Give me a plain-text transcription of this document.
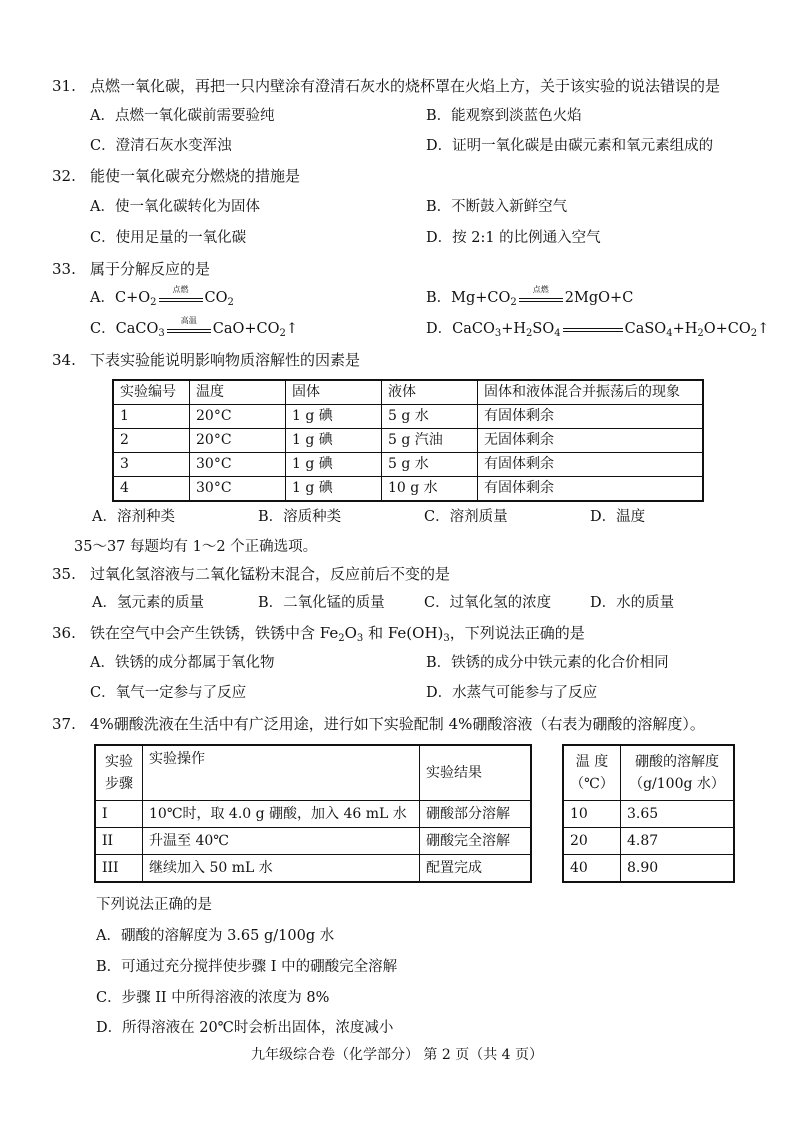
31. 点燃一氧化碳，再把一只内壁涂有澄清石灰水的烧杯罩在火焰上方，关于该实验的说法错误的是
A．点燃一氧化碳前需要验纯	B．能观察到淡蓝色火焰
C．澄清石灰水变浑浊	D．证明一氧化碳是由碳元素和氧元素组成的
32. 能使一氧化碳充分燃烧的措施是
A．使一氧化碳转化为固体	B．不断鼓入新鲜空气
C．使用足量的一氧化碳	D．按 2:1 的比例通入空气
33. 属于分解反应的是
A．$C+O_2$
点燃
$CO_2$	B．$Mg+CO_2$
点燃
2MgO+C
C．CaCO$_3$
高温
$CaO+CO_2↑$	D．$CaCO_3+H_2SO_4$	$CaSO_4+H_2O+CO_2↑$
34. 下表实验能说明影响物质溶解性的因素是
实验编号	温度	固体	液体	固体和液体混合并振荡后的现象
1	20°C	1 g 碘	5 g 水	有固体剩余
2	20°C	1 g 碘	5 g 汽油	无固体剩余
3	30°C	1 g 碘	5 g 水	有固体剩余
4	30°C	1 g 碘	10 g 水	有固体剩余
A．溶剂种类	B．溶质种类	C．溶剂质量	D．温度
35～37 每题均有 1～2 个正确选项。
35. 过氧化氢溶液与二氧化锰粉末混合，反应前后不变的是
A．氢元素的质量	B．二氧化锰的质量	C．过氧化氢的浓度	D．水的质量
36. 铁在空气中会产生铁锈，铁锈中含 $Fe_2O_3$ 和 $Fe(OH)_3$，下列说法正确的是
A．铁锈的成分都属于氧化物	B．铁锈的成分中铁元素的化合价相同
C．氧气一定参与了反应	D．水蒸气可能参与了反应
37. 4%硼酸洗液在生活中有广泛用途，进行如下实验配制 4%硼酸溶液（右表为硼酸的溶解度）。
实验
步骤	实验操作	实验结果
I	10℃时，取 4.0 g 硼酸，加入 46 mL 水	硼酸部分溶解
II	升温至 40℃	硼酸完全溶解
III	继续加入 50 mL 水	配置完成
温 度
（℃）	硼酸的溶解度
（g/100g 水）
10	3.65
20	4.87
40	8.90
下列说法正确的是
A．硼酸的溶解度为 3.65 g/100g 水
B．可通过充分搅拌使步骤 I 中的硼酸完全溶解
C．步骤 II 中所得溶液的浓度为 8%
D．所得溶液在 20℃时会析出固体，浓度减小
九年级综合卷（化学部分） 第 2 页（共 4 页）
